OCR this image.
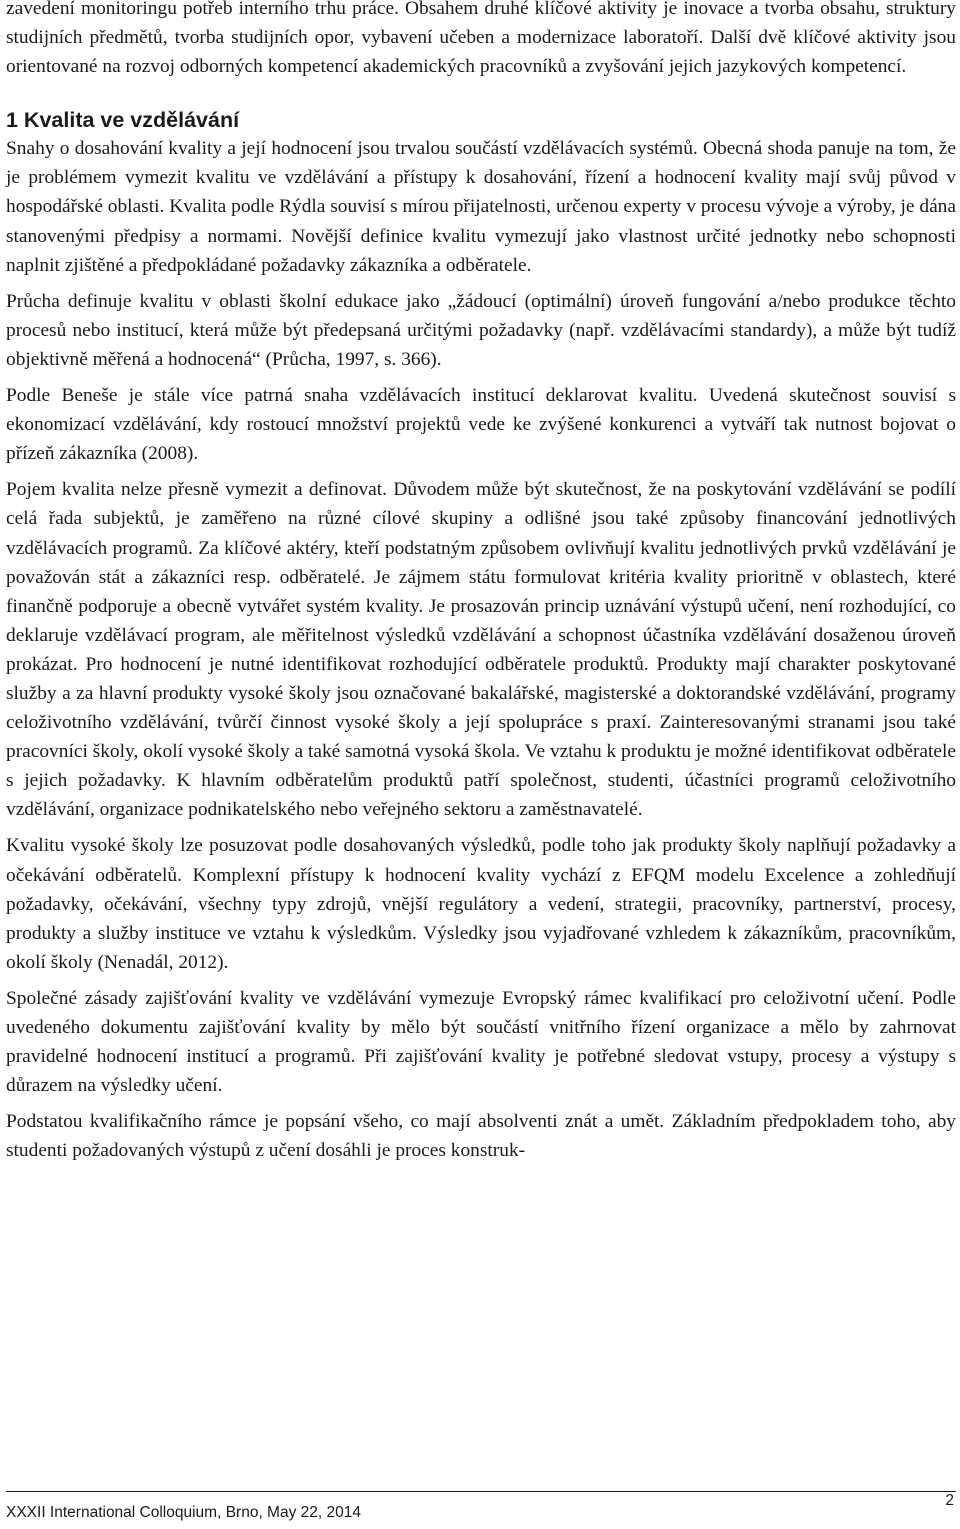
zavedení monitoringu potřeb interního trhu práce. Obsahem druhé klíčové aktivity je inovace a tvorba obsahu, struktury studijních předmětů, tvorba studijních opor, vybavení učeben a modernizace laboratoří. Další dvě klíčové aktivity jsou orientované na rozvoj odborných kompetencí akademických pracovníků a zvyšování jejich jazykových kompetencí.

1 Kvalita ve vzdělávání

Snahy o dosahování kvality a její hodnocení jsou trvalou součástí vzdělávacích systémů. Obecná shoda panuje na tom, že je problémem vymezit kvalitu ve vzdělávání a přístupy k dosahování, řízení a hodnocení kvality mají svůj původ v hospodářské oblasti. Kvalita podle Rýdla souvisí s mírou přijatelnosti, určenou experty v procesu vývoje a výroby, je dána stanovenými předpisy a normami. Novější definice kvalitu vymezují jako vlastnost určité jednotky nebo schopnosti naplnit zjištěné a předpokládané požadavky zákazníka a odběratele.

Průcha definuje kvalitu v oblasti školní edukace jako „žádoucí (optimální) úroveň fungování a/nebo produkce těchto procesů nebo institucí, která může být předepsaná určitými požadavky (např. vzdělávacími standardy), a může být tudíž objektivně měřená a hodnocená“ (Průcha, 1997, s. 366).

Podle Beneše je stále více patrná snaha vzdělávacích institucí deklarovat kvalitu. Uvedená skutečnost souvisí s ekonomizací vzdělávání, kdy rostoucí množství projektů vede ke zvýšené konkurenci a vytváří tak nutnost bojovat o přízeň zákazníka (2008).

Pojem kvalita nelze přesně vymezit a definovat. Důvodem může být skutečnost, že na poskytování vzdělávání se podílí celá řada subjektů, je zaměřeno na různé cílové skupiny a odlišné jsou také způsoby financování jednotlivých vzdělávacích programů. Za klíčové aktéry, kteří podstatným způsobem ovlivňují kvalitu jednotlivých prvků vzdělávání je považován stát a zákazníci resp. odběratelé. Je zájmem státu formulovat kritéria kvality prioritně v oblastech, které finančně podporuje a obecně vytvářet systém kvality. Je prosazován princip uznávání výstupů učení, není rozhodující, co deklaruje vzdělávací program, ale měřitelnost výsledků vzdělávání a schopnost účastníka vzdělávání dosaženou úroveň prokázat. Pro hodnocení je nutné identifikovat rozhodující odběratele produktů. Produkty mají charakter poskytované služby a za hlavní produkty vysoké školy jsou označované bakalářské, magisterské a doktorandské vzdělávání, programy celoživotního vzdělávání, tvůrčí činnost vysoké školy a její spolupráce s praxí. Zainteresovanými stranami jsou také pracovníci školy, okolí vysoké školy a také samotná vysoká škola. Ve vztahu k produktu je možné identifikovat odběratele s jejich požadavky. K hlavním odběratelům produktů patří společnost, studenti, účastníci programů celoživotního vzdělávání, organizace podnikatelského nebo veřejného sektoru a zaměstnavatelé.

Kvalitu vysoké školy lze posuzovat podle dosahovaných výsledků, podle toho jak produkty školy naplňují požadavky a očekávání odběratelů. Komplexní přístupy k hodnocení kvality vychází z EFQM modelu Excelence a zohledňují požadavky, očekávání, všechny typy zdrojů, vnější regulátory a vedení, strategii, pracovníky, partnerství, procesy, produkty a služby instituce ve vztahu k výsledkům. Výsledky jsou vyjadřované vzhledem k zákazníkům, pracovníkům, okolí školy (Nenadál, 2012).

Společné zásady zajišťování kvality ve vzdělávání vymezuje Evropský rámec kvalifikací pro celoživotní učení. Podle uvedeného dokumentu zajišťování kvality by mělo být součástí vnitřního řízení organizace a mělo by zahrnovat pravidelné hodnocení institucí a programů. Při zajišťování kvality je potřebné sledovat vstupy, procesy a výstupy s důrazem na výsledky učení.

Podstatou kvalifikačního rámce je popsání všeho, co mají absolventi znát a umět. Základním předpokladem toho, aby studenti požadovaných výstupů z učení dosáhli je proces konstruk-

XXXII International Colloquium, Brno, May 22, 2014
2
